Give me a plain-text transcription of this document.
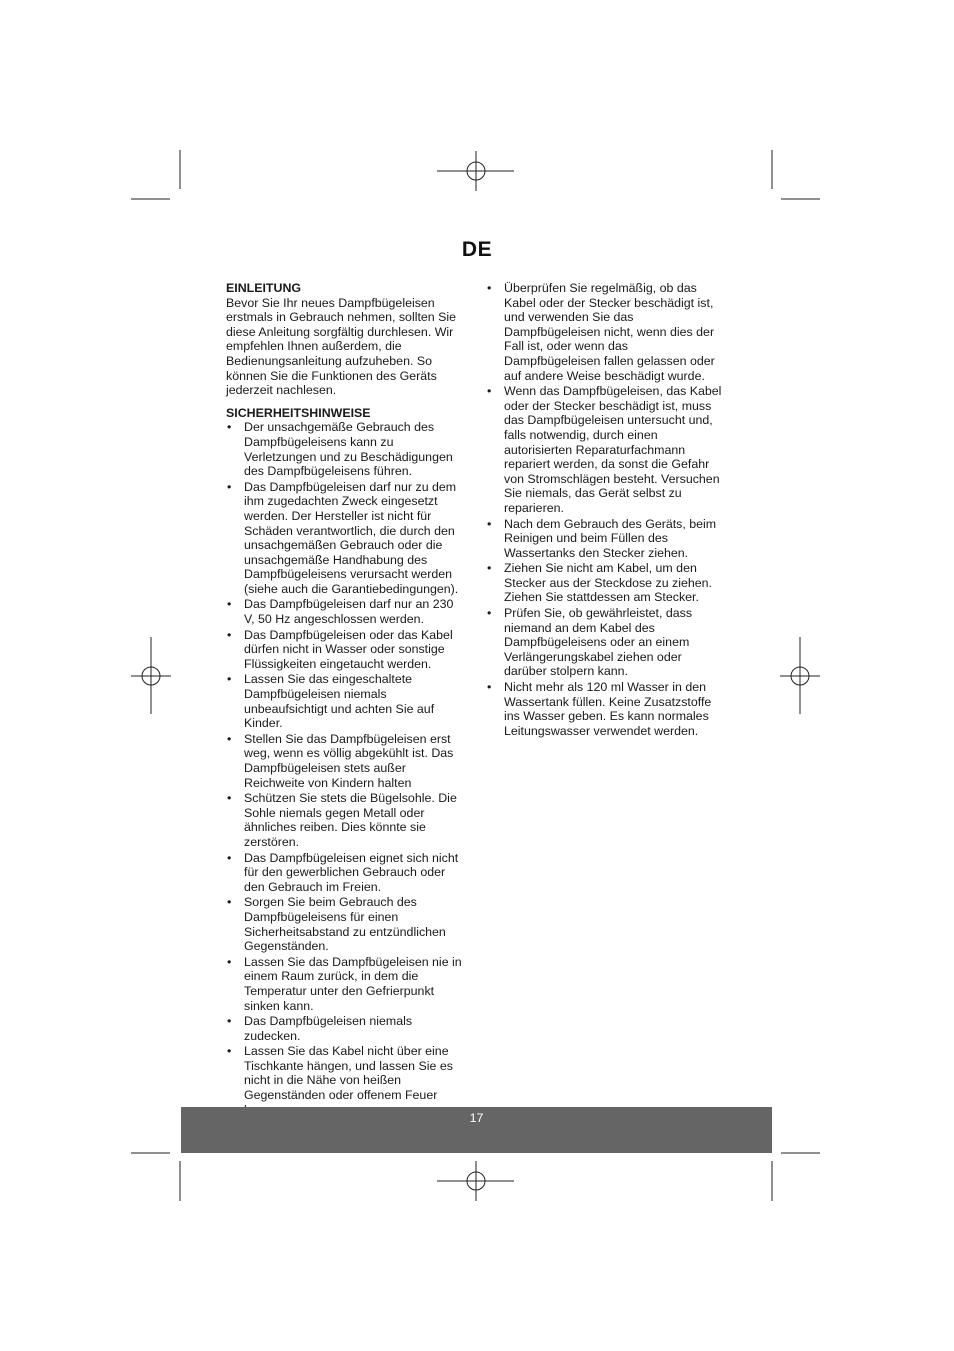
DE
EINLEITUNG
Bevor Sie Ihr neues Dampfbügeleisen erstmals in Gebrauch nehmen, sollten Sie diese Anleitung sorgfältig durchlesen. Wir empfehlen Ihnen außerdem, die Bedienungsanleitung aufzuheben. So können Sie die Funktionen des Geräts jederzeit nachlesen.
SICHERHEITSHINWEISE
• Der unsachgemäße Gebrauch des Dampfbügeleisens kann zu Verletzungen und zu Beschädigungen des Dampfbügeleisens führen.
• Das Dampfbügeleisen darf nur zu dem ihm zugedachten Zweck eingesetzt werden. Der Hersteller ist nicht für Schäden verantwortlich, die durch den unsachgemäßen Gebrauch oder die unsachgemäße Handhabung des Dampfbügeleisens verursacht werden (siehe auch die Garantiebedingungen).
• Das Dampfbügeleisen darf nur an 230 V, 50 Hz angeschlossen werden.
• Das Dampfbügeleisen oder das Kabel dürfen nicht in Wasser oder sonstige Flüssigkeiten eingetaucht werden.
• Lassen Sie das eingeschaltete Dampfbügeleisen niemals unbeaufsichtigt und achten Sie auf Kinder.
• Stellen Sie das Dampfbügeleisen erst weg, wenn es völlig abgekühlt ist. Das Dampfbügeleisen stets außer Reichweite von Kindern halten
• Schützen Sie stets die Bügelsohle. Die Sohle niemals gegen Metall oder ähnliches reiben. Dies könnte sie zerstören.
• Das Dampfbügeleisen eignet sich nicht für den gewerblichen Gebrauch oder den Gebrauch im Freien.
• Sorgen Sie beim Gebrauch des Dampfbügeleisens für einen Sicherheitsabstand zu entzündlichen Gegenständen.
• Lassen Sie das Dampfbügeleisen nie in einem Raum zurück, in dem die Temperatur unter den Gefrierpunkt sinken kann.
• Das Dampfbügeleisen niemals zudecken.
• Lassen Sie das Kabel nicht über eine Tischkante hängen, und lassen Sie es nicht in die Nähe von heißen Gegenständen oder offenem Feuer
• Überprüfen Sie regelmäßig, ob das Kabel oder der Stecker beschädigt ist, und verwenden Sie das Dampfbügeleisen nicht, wenn dies der Fall ist, oder wenn das Dampfbügeleisen fallen gelassen oder auf andere Weise beschädigt wurde.
• Wenn das Dampfbügeleisen, das Kabel oder der Stecker beschädigt ist, muss das Dampfbügeleisen untersucht und, falls notwendig, durch einen autorisierten Reparaturfachmann repariert werden, da sonst die Gefahr von Stromschlägen besteht. Versuchen Sie niemals, das Gerät selbst zu reparieren.
• Nach dem Gebrauch des Geräts, beim Reinigen und beim Füllen des Wassertanks den Stecker ziehen.
• Ziehen Sie nicht am Kabel, um den Stecker aus der Steckdose zu ziehen. Ziehen Sie stattdessen am Stecker.
• Prüfen Sie, ob gewährleistet, dass niemand an dem Kabel des Dampfbügeleisens oder an einem Verlängerungskabel ziehen oder darüber stolpern kann.
• Nicht mehr als 120 ml Wasser in den Wassertank füllen. Keine Zusatzstoffe ins Wasser geben. Es kann normales Leitungswasser verwendet werden.
17
